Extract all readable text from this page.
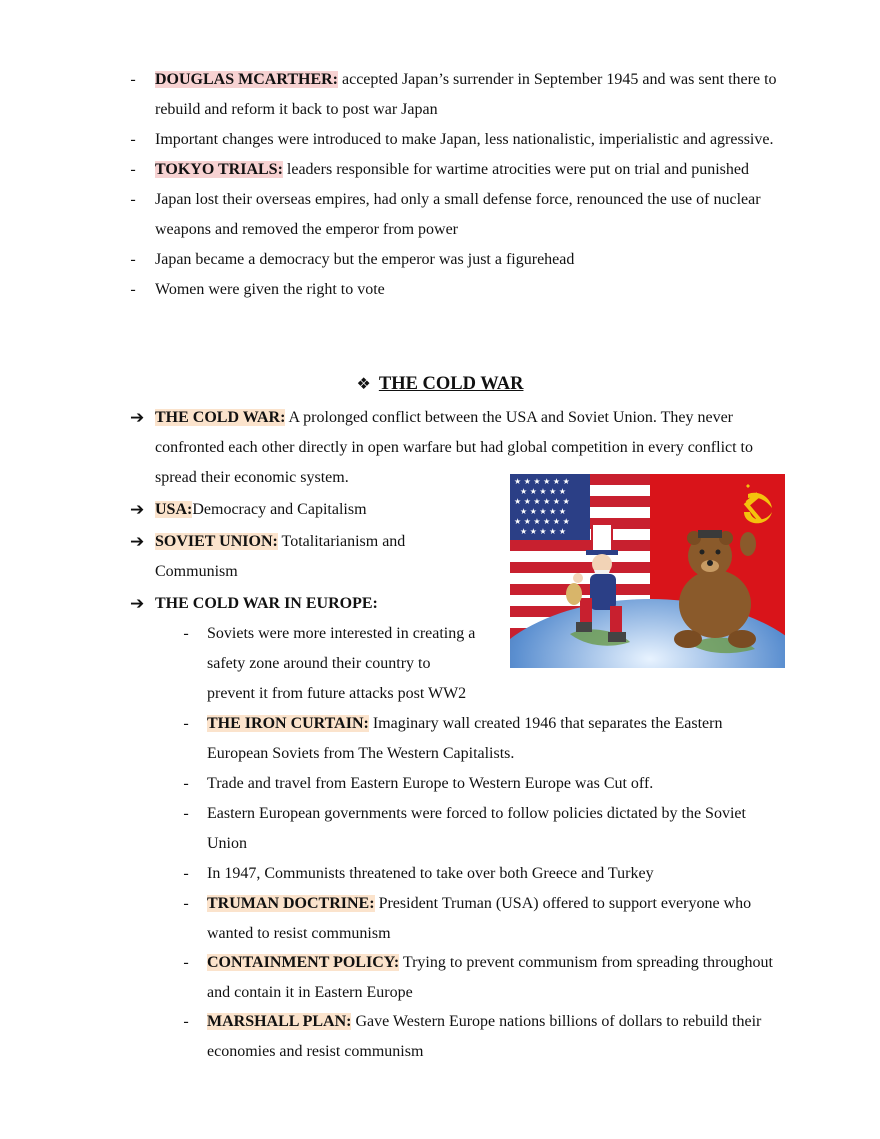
- DOUGLAS MCARTHER: accepted Japan’s surrender in September 1945 and was sent there to
rebuild and reform it back to post war Japan
- Important changes were introduced to make Japan, less nationalistic, imperialistic and agressive.
- TOKYO TRIALS: leaders responsible for wartime atrocities were put on trial and punished
- Japan lost their overseas empires, had only a small defense force, renounced the use of nuclear
weapons and removed the emperor from power
- Japan became a democracy but the emperor was just a figurehead
- Women were given the right to vote
❖ THE COLD WAR
➔ THE COLD WAR: A prolonged conflict between the USA and Soviet Union. They never
confronted each other directly in open warfare but had global competition in every conflict to
spread their economic system.
➔ USA:Democracy and Capitalism
➔ SOVIET UNION: Totalitarianism and
Communism
➔ THE COLD WAR IN EUROPE:
- Soviets were more interested in creating a
safety zone around their country to
prevent it from future attacks post WW2
- THE IRON CURTAIN: Imaginary wall created 1946 that separates the Eastern
European Soviets from The Western Capitalists.
- Trade and travel from Eastern Europe to Western Europe was Cut off.
- Eastern European governments were forced to follow policies dictated by the Soviet
Union
- In 1947, Communists threatened to take over both Greece and Turkey
- TRUMAN DOCTRINE: President Truman (USA) offered to support everyone who
wanted to resist communism
- CONTAINMENT POLICY: Trying to prevent communism from spreading throughout
and contain it in Eastern Europe
- MARSHALL PLAN: Gave Western Europe nations billions of dollars to rebuild their
economies and resist communism
★ ★ ★ ★ ★ ★
★ ★ ★ ★ ★
★ ★ ★ ★ ★ ★
★ ★ ★ ★ ★
★ ★ ★ ★ ★ ★
★ ★ ★ ★ ★
